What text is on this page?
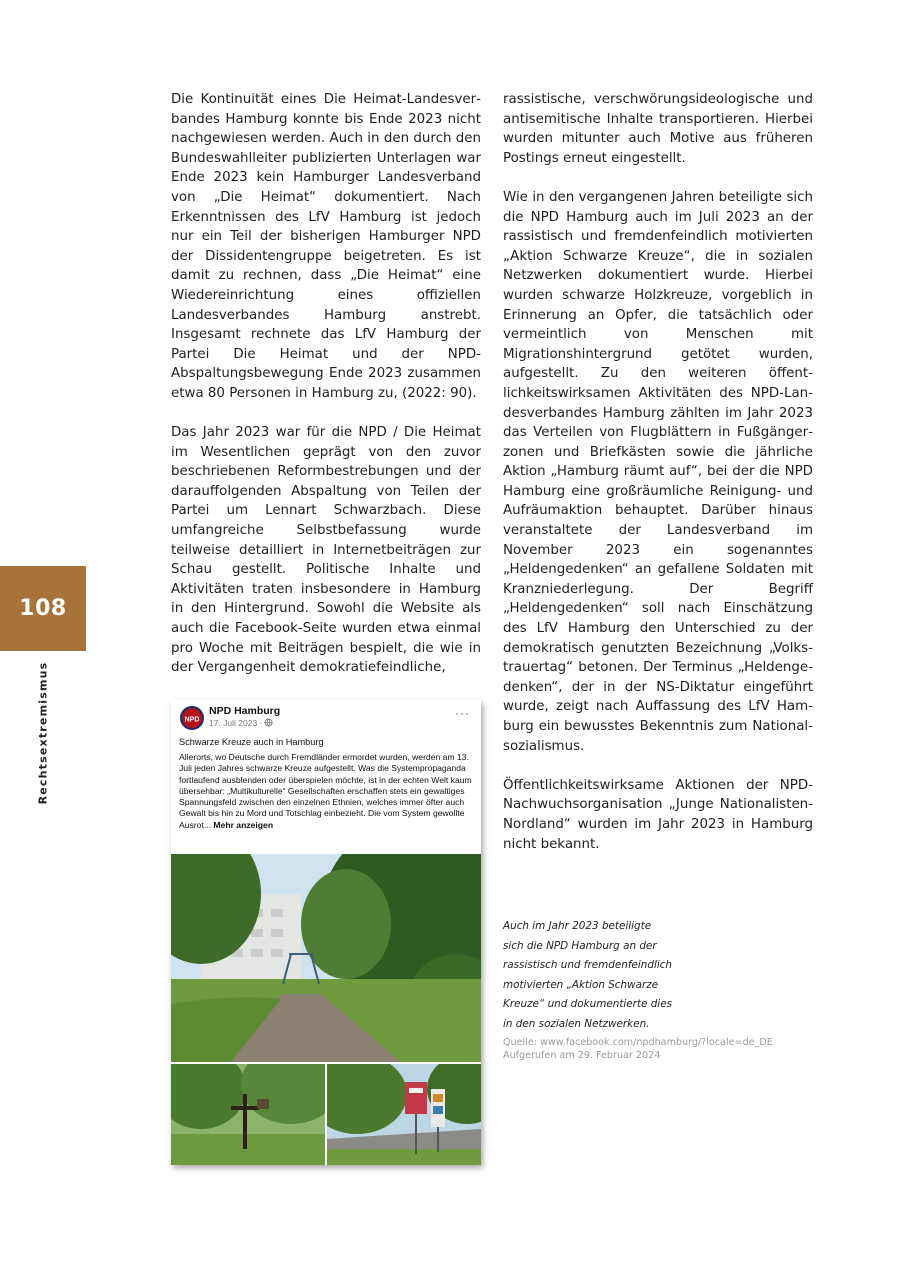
Die Kontinuität eines Die Heimat-Landesverbandes Hamburg konnte bis Ende 2023 nicht nachgewiesen werden. Auch in den durch den Bundeswahlleiter publizierten Unterlagen war Ende 2023 kein Hamburger Landesverband von „Die Heimat“ dokumentiert. Nach Erkenntnissen des LfV Hamburg ist jedoch nur ein Teil der bisherigen Hamburger NPD der Dissidentengruppe beigetreten. Es ist damit zu rechnen, dass „Die Heimat“ eine Wiedereinrichtung eines offiziellen Landesverbandes Hamburg anstrebt. Insgesamt rechnete das LfV Hamburg der Partei Die Heimat und der NPD-Abspaltungsbewegung Ende 2023 zusammen etwa 80 Personen in Hamburg zu, (2022: 90).

Das Jahr 2023 war für die NPD / Die Heimat im Wesentlichen geprägt von den zuvor beschriebenen Reformbestrebungen und der darauffolgenden Abspaltung von Teilen der Partei um Lennart Schwarzbach. Diese umfangreiche Selbstbefassung wurde teilweise detailliert in Internetbeiträgen zur Schau gestellt. Politische Inhalte und Aktivitäten traten insbesondere in Hamburg in den Hintergrund. Sowohl die Website als auch die Facebook-Seite wurden etwa einmal pro Woche mit Beiträgen bespielt, die wie in der Vergangenheit demokratiefeindliche,

rassistische, verschwörungsideologische und antisemitische Inhalte transportieren. Hierbei wurden mitunter auch Motive aus früheren Postings erneut eingestellt.

Wie in den vergangenen Jahren beteiligte sich die NPD Hamburg auch im Juli 2023 an der rassistisch und fremdenfeindlich motivierten „Aktion Schwarze Kreuze“, die in sozialen Netzwerken dokumentiert wurde. Hierbei wurden schwarze Holzkreuze, vorgeblich in Erinnerung an Opfer, die tatsächlich oder vermeintlich von Menschen mit Migrationshintergrund getötet wurden, aufgestellt. Zu den weiteren öffentlichkeitswirksamen Aktivitäten des NPD-Landesverbandes Hamburg zählten im Jahr 2023 das Verteilen von Flugblättern in Fußgängerzonen und Briefkästen sowie die jährliche Aktion „Hamburg räumt auf“, bei der die NPD Hamburg eine großräumliche Reinigung- und Aufräumaktion behauptet. Darüber hinaus veranstaltete der Landesverband im November 2023 ein sogenanntes „Heldengedenken“ an gefallene Soldaten mit Kranzniederlegung. Der Begriff „Heldengedenken“ soll nach Einschätzung des LfV Hamburg den Unterschied zu der demokratisch genutzten Bezeichnung „Volkstrauertag“ betonen. Der Terminus „Heldengedenken“, der in der NS-Diktatur eingeführt wurde, zeigt nach Auffassung des LfV Hamburg ein bewusstes Bekenntnis zum Nationalsozialismus.

Öffentlichkeitswirksame Aktionen der NPD-Nachwuchsorganisation „Junge Nationalisten-Nordland“ wurden im Jahr 2023 in Hamburg nicht bekannt.

108
Rechtsextremismus	NPD
NPD Hamburg
17. Juli 2023 ·
···
Schwarze Kreuze auch in Hamburg
Allerorts, wo Deutsche durch Fremdländer ermordet wurden, werden am 13. Juli jeden Jahres schwarze Kreuze aufgestellt. Was die Systempropaganda fortlaufend ausblenden oder überspielen möchte, ist in der echten Welt kaum übersehbar: „Multikulturelle“ Gesellschaften erschaffen stets ein gewaltiges Spannungsfeld zwischen den einzelnen Ethnien, welches immer öfter auch Gewalt bis hin zu Mord und Totschlag einbezieht. Die vom System gewollte Ausrot... Mehr anzeigen
Auch im Jahr 2023 beteiligte
sich die NPD Hamburg an der
rassistisch und fremdenfeindlich
motivierten „Aktion Schwarze
Kreuze“ und dokumentierte dies
in den sozialen Netzwerken.
Quelle: www.facebook.com/npdhamburg/?locale=de_DE
Aufgerufen am 29. Februar 2024
